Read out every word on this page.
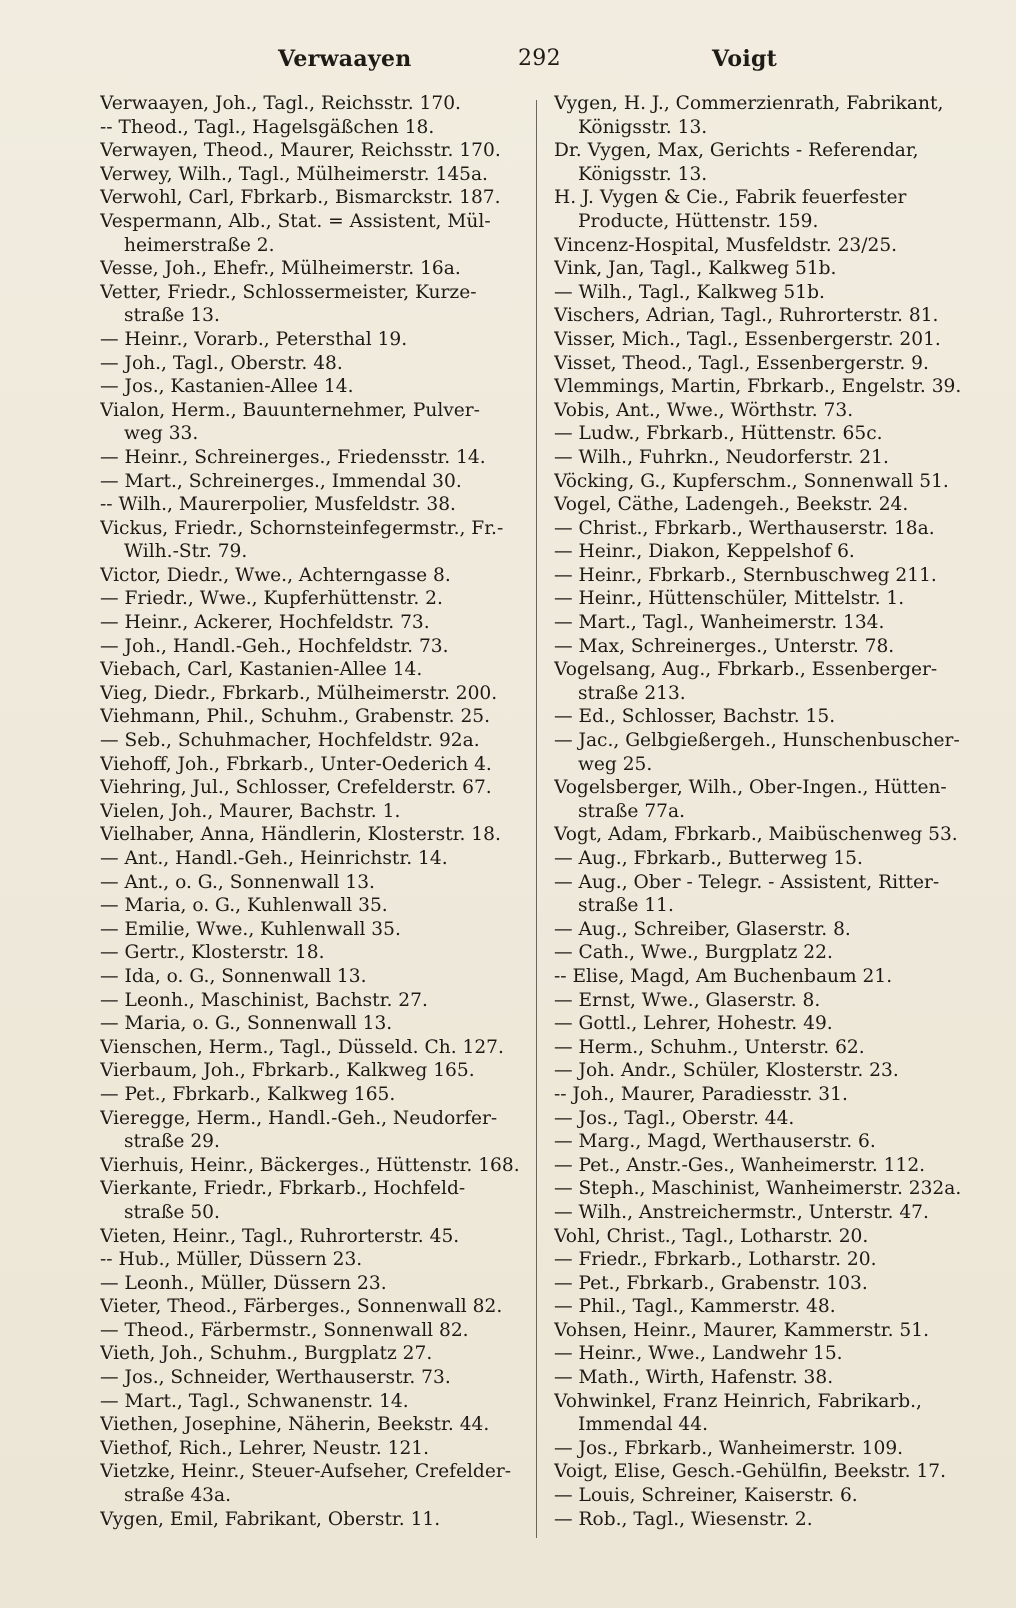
Verwaayen	292	Voigt
Verwaayen, Joh., Tagl., Reichsstr. 170.
-- Theod., Tagl., Hagelsgäßchen 18.
Verwayen, Theod., Maurer, Reichsstr. 170.
Verwey, Wilh., Tagl., Mülheimerstr. 145a.
Verwohl, Carl, Fbrkarb., Bismarckstr. 187.
Vespermann, Alb., Stat. = Assistent, Mül-
heimerstraße 2.
Vesse, Joh., Ehefr., Mülheimerstr. 16a.
Vetter, Friedr., Schlossermeister, Kurze-
straße 13.
— Heinr., Vorarb., Petersthal 19.
— Joh., Tagl., Oberstr. 48.
— Jos., Kastanien-Allee 14.
Vialon, Herm., Bauunternehmer, Pulver-
weg 33.
— Heinr., Schreinerges., Friedensstr. 14.
— Mart., Schreinerges., Immendal 30.
-- Wilh., Maurerpolier, Musfeldstr. 38.
Vickus, Friedr., Schornsteinfegermstr., Fr.-
Wilh.-Str. 79.
Victor, Diedr., Wwe., Achterngasse 8.
— Friedr., Wwe., Kupferhüttenstr. 2.
— Heinr., Ackerer, Hochfeldstr. 73.
— Joh., Handl.-Geh., Hochfeldstr. 73.
Viebach, Carl, Kastanien-Allee 14.
Vieg, Diedr., Fbrkarb., Mülheimerstr. 200.
Viehmann, Phil., Schuhm., Grabenstr. 25.
— Seb., Schuhmacher, Hochfeldstr. 92a.
Viehoff, Joh., Fbrkarb., Unter-Oederich 4.
Viehring, Jul., Schlosser, Crefelderstr. 67.
Vielen, Joh., Maurer, Bachstr. 1.
Vielhaber, Anna, Händlerin, Klosterstr. 18.
— Ant., Handl.-Geh., Heinrichstr. 14.
— Ant., o. G., Sonnenwall 13.
— Maria, o. G., Kuhlenwall 35.
— Emilie, Wwe., Kuhlenwall 35.
— Gertr., Klosterstr. 18.
— Ida, o. G., Sonnenwall 13.
— Leonh., Maschinist, Bachstr. 27.
— Maria, o. G., Sonnenwall 13.
Vienschen, Herm., Tagl., Düsseld. Ch. 127.
Vierbaum, Joh., Fbrkarb., Kalkweg 165.
— Pet., Fbrkarb., Kalkweg 165.
Vieregge, Herm., Handl.-Geh., Neudorfer-
straße 29.
Vierhuis, Heinr., Bäckerges., Hüttenstr. 168.
Vierkante, Friedr., Fbrkarb., Hochfeld-
straße 50.
Vieten, Heinr., Tagl., Ruhrorterstr. 45.
-- Hub., Müller, Düssern 23.
— Leonh., Müller, Düssern 23.
Vieter, Theod., Färberges., Sonnenwall 82.
— Theod., Färbermstr., Sonnenwall 82.
Vieth, Joh., Schuhm., Burgplatz 27.
— Jos., Schneider, Werthauserstr. 73.
— Mart., Tagl., Schwanenstr. 14.
Viethen, Josephine, Näherin, Beekstr. 44.
Viethof, Rich., Lehrer, Neustr. 121.
Vietzke, Heinr., Steuer-Aufseher, Crefelder-
straße 43a.
Vygen, Emil, Fabrikant, Oberstr. 11.
Vygen, H. J., Commerzienrath, Fabrikant,
Königsstr. 13.
Dr. Vygen, Max, Gerichts - Referendar,
Königsstr. 13.
H. J. Vygen & Cie., Fabrik feuerfester
Producte, Hüttenstr. 159.
Vincenz-Hospital, Musfeldstr. 23/25.
Vink, Jan, Tagl., Kalkweg 51b.
— Wilh., Tagl., Kalkweg 51b.
Vischers, Adrian, Tagl., Ruhrorterstr. 81.
Visser, Mich., Tagl., Essenbergerstr. 201.
Visset, Theod., Tagl., Essenbergerstr. 9.
Vlemmings, Martin, Fbrkarb., Engelstr. 39.
Vobis, Ant., Wwe., Wörthstr. 73.
— Ludw., Fbrkarb., Hüttenstr. 65c.
— Wilh., Fuhrkn., Neudorferstr. 21.
Vöcking, G., Kupferschm., Sonnenwall 51.
Vogel, Cäthe, Ladengeh., Beekstr. 24.
— Christ., Fbrkarb., Werthauserstr. 18a.
— Heinr., Diakon, Keppelshof 6.
— Heinr., Fbrkarb., Sternbuschweg 211.
— Heinr., Hüttenschüler, Mittelstr. 1.
— Mart., Tagl., Wanheimerstr. 134.
— Max, Schreinerges., Unterstr. 78.
Vogelsang, Aug., Fbrkarb., Essenberger-
straße 213.
— Ed., Schlosser, Bachstr. 15.
— Jac., Gelbgießergeh., Hunschenbuscher-
weg 25.
Vogelsberger, Wilh., Ober-Ingen., Hütten-
straße 77a.
Vogt, Adam, Fbrkarb., Maibüschenweg 53.
— Aug., Fbrkarb., Butterweg 15.
— Aug., Ober - Telegr. - Assistent, Ritter-
straße 11.
— Aug., Schreiber, Glaserstr. 8.
— Cath., Wwe., Burgplatz 22.
-- Elise, Magd, Am Buchenbaum 21.
— Ernst, Wwe., Glaserstr. 8.
— Gottl., Lehrer, Hohestr. 49.
— Herm., Schuhm., Unterstr. 62.
— Joh. Andr., Schüler, Klosterstr. 23.
-- Joh., Maurer, Paradiesstr. 31.
— Jos., Tagl., Oberstr. 44.
— Marg., Magd, Werthauserstr. 6.
— Pet., Anstr.-Ges., Wanheimerstr. 112.
— Steph., Maschinist, Wanheimerstr. 232a.
— Wilh., Anstreichermstr., Unterstr. 47.
Vohl, Christ., Tagl., Lotharstr. 20.
— Friedr., Fbrkarb., Lotharstr. 20.
— Pet., Fbrkarb., Grabenstr. 103.
— Phil., Tagl., Kammerstr. 48.
Vohsen, Heinr., Maurer, Kammerstr. 51.
— Heinr., Wwe., Landwehr 15.
— Math., Wirth, Hafenstr. 38.
Vohwinkel, Franz Heinrich, Fabrikarb.,
Immendal 44.
— Jos., Fbrkarb., Wanheimerstr. 109.
Voigt, Elise, Gesch.-Gehülfin, Beekstr. 17.
— Louis, Schreiner, Kaiserstr. 6.
— Rob., Tagl., Wiesenstr. 2.
